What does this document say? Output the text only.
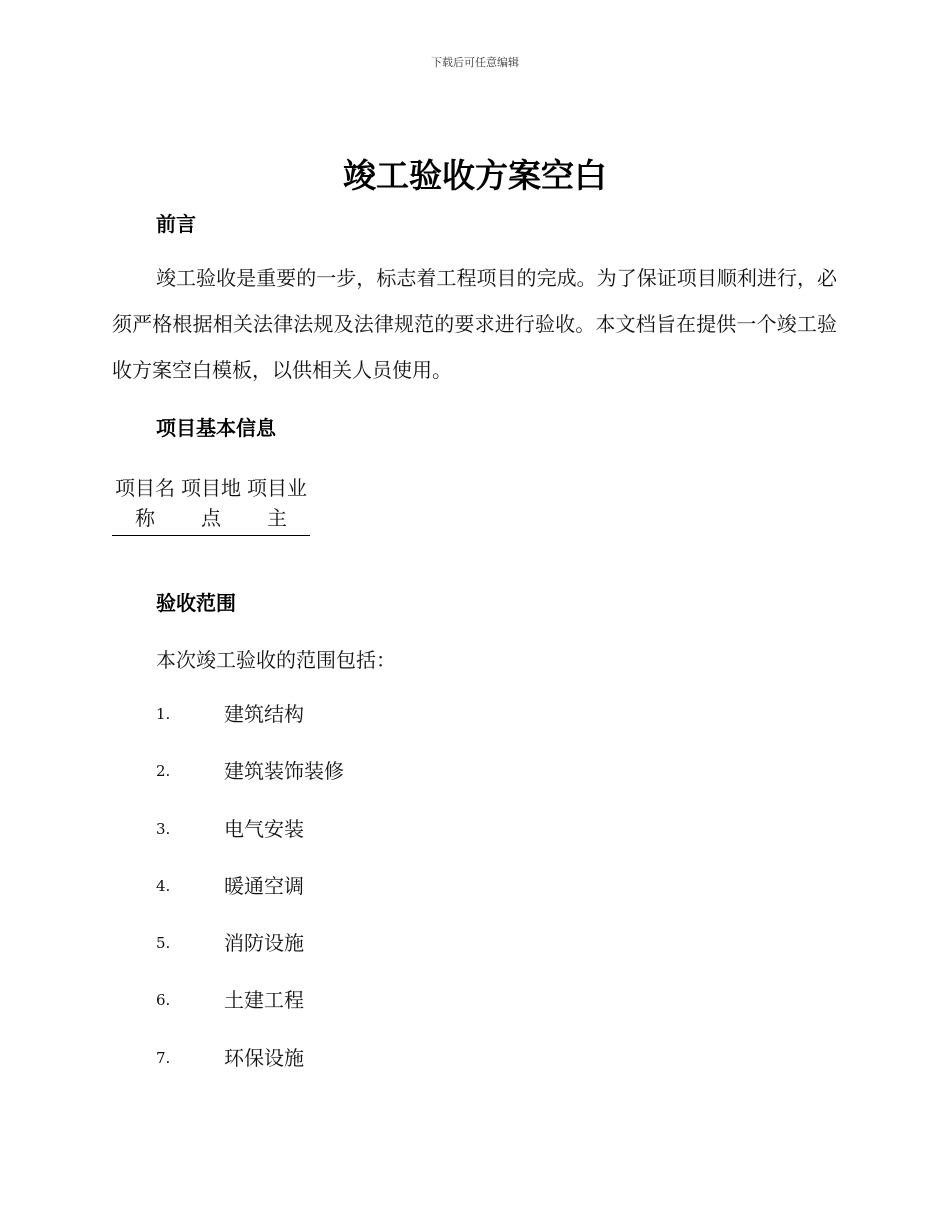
下载后可任意编辑
竣工验收方案空白
前言

竣工验收是重要的一步，标志着工程项目的完成。为了保证项目顺利进行，必须严格根据相关法律法规及法律规范的要求进行验收。本文档旨在提供一个竣工验收方案空白模板，以供相关人员使用。

项目基本信息
项目名称	项目地点	项目业主
验收范围
本次竣工验收的范围包括：
1.	建筑结构
2.	建筑装饰装修
3.	电气安装
4.	暖通空调
5.	消防设施
6.	土建工程
7.	环保设施
